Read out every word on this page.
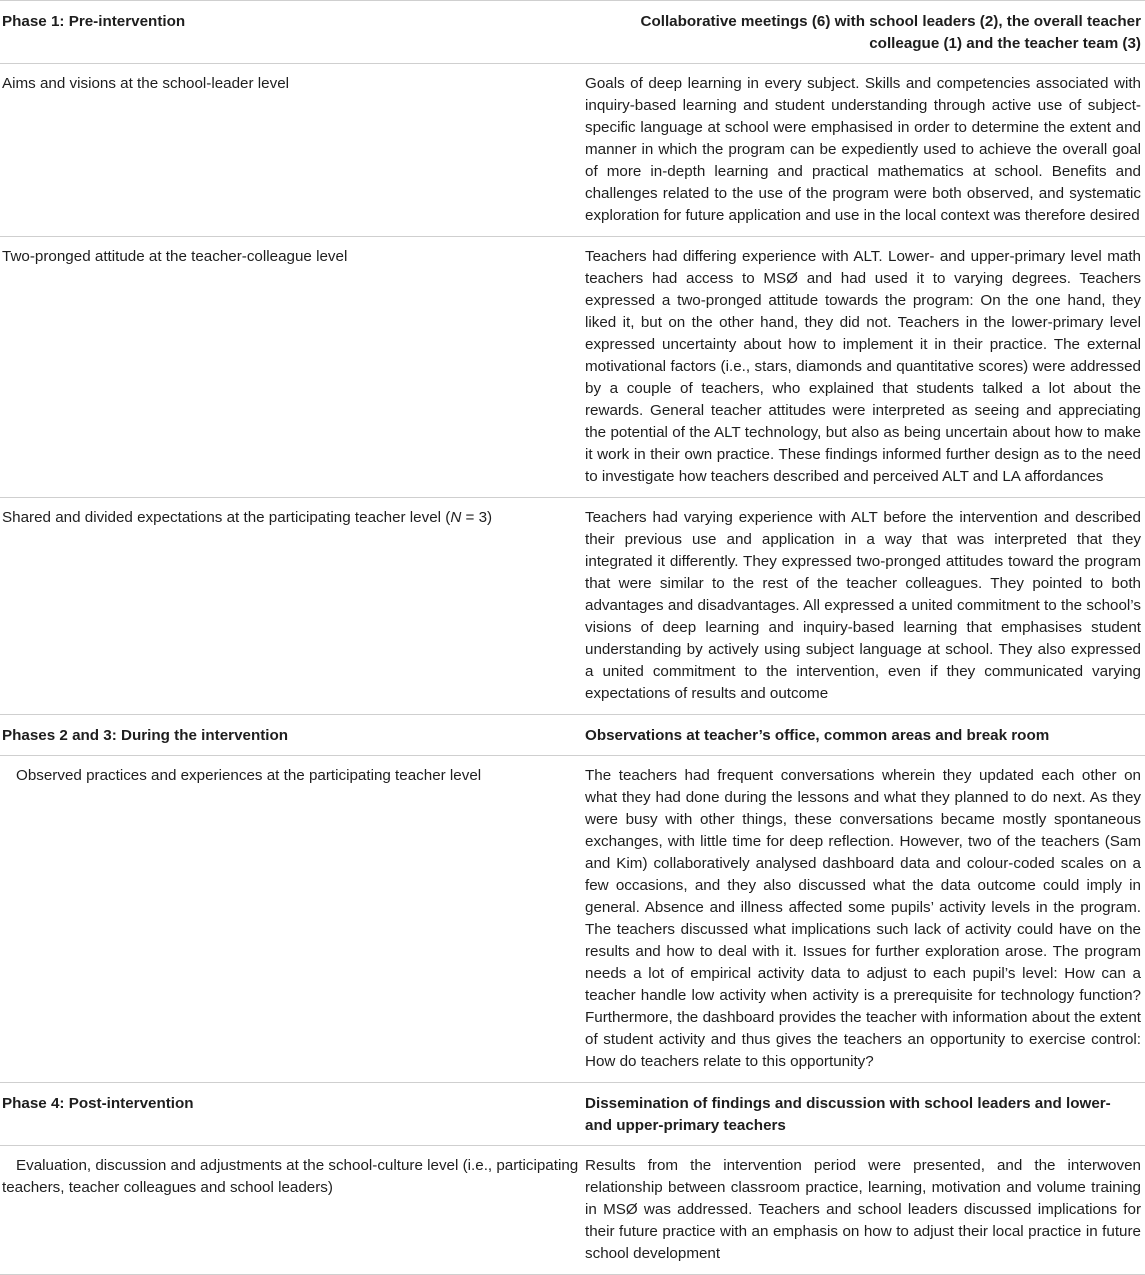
Phase 1: Pre-intervention	Collaborative meetings (6) with school leaders (2), the overall teacher colleague (1) and the teacher team (3)
Aims and visions at the school-leader level	Goals of deep learning in every subject. Skills and competencies associated with inquiry-based learning and student understanding through active use of subject-specific language at school were emphasised in order to determine the extent and manner in which the program can be expediently used to achieve the overall goal of more in-depth learning and practical mathematics at school. Benefits and challenges related to the use of the program were both observed, and systematic exploration for future application and use in the local context was therefore desired
Two-pronged attitude at the teacher-colleague level	Teachers had differing experience with ALT. Lower- and upper-primary level math teachers had access to MSØ and had used it to varying degrees. Teachers expressed a two-pronged attitude towards the program: On the one hand, they liked it, but on the other hand, they did not. Teachers in the lower-primary level expressed uncertainty about how to implement it in their practice. The external motivational factors (i.e., stars, diamonds and quantitative scores) were addressed by a couple of teachers, who explained that students talked a lot about the rewards. General teacher attitudes were interpreted as seeing and appreciating the potential of the ALT technology, but also as being uncertain about how to make it work in their own practice. These findings informed further design as to the need to investigate how teachers described and perceived ALT and LA affordances
Shared and divided expectations at the participating teacher level (N = 3)	Teachers had varying experience with ALT before the intervention and described their previous use and application in a way that was interpreted that they integrated it differently. They expressed two-pronged attitudes toward the program that were similar to the rest of the teacher colleagues. They pointed to both advantages and disadvantages. All expressed a united commitment to the school’s visions of deep learning and inquiry-based learning that emphasises student understanding by actively using subject language at school. They also expressed a united commitment to the intervention, even if they communicated varying expectations of results and outcome
Phases 2 and 3: During the intervention	Observations at teacher’s office, common areas and break room
Observed practices and experiences at the participating teacher level	The teachers had frequent conversations wherein they updated each other on what they had done during the lessons and what they planned to do next. As they were busy with other things, these conversations became mostly spontaneous exchanges, with little time for deep reflection. However, two of the teachers (Sam and Kim) collaboratively analysed dashboard data and colour-coded scales on a few occasions, and they also discussed what the data outcome could imply in general. Absence and illness affected some pupils’ activity levels in the program. The teachers discussed what implications such lack of activity could have on the results and how to deal with it. Issues for further exploration arose. The program needs a lot of empirical activity data to adjust to each pupil’s level: How can a teacher handle low activity when activity is a prerequisite for technology function? Furthermore, the dashboard provides the teacher with information about the extent of student activity and thus gives the teachers an opportunity to exercise control: How do teachers relate to this opportunity?
Phase 4: Post-intervention	Dissemination of findings and discussion with school leaders and lower- and upper-primary teachers
Evaluation, discussion and adjustments at the school-culture level (i.e., participating teachers, teacher colleagues and school leaders)	Results from the intervention period were presented, and the interwoven relationship between classroom practice, learning, motivation and volume training in MSØ was addressed. Teachers and school leaders discussed implications for their future practice with an emphasis on how to adjust their local practice in future school development
